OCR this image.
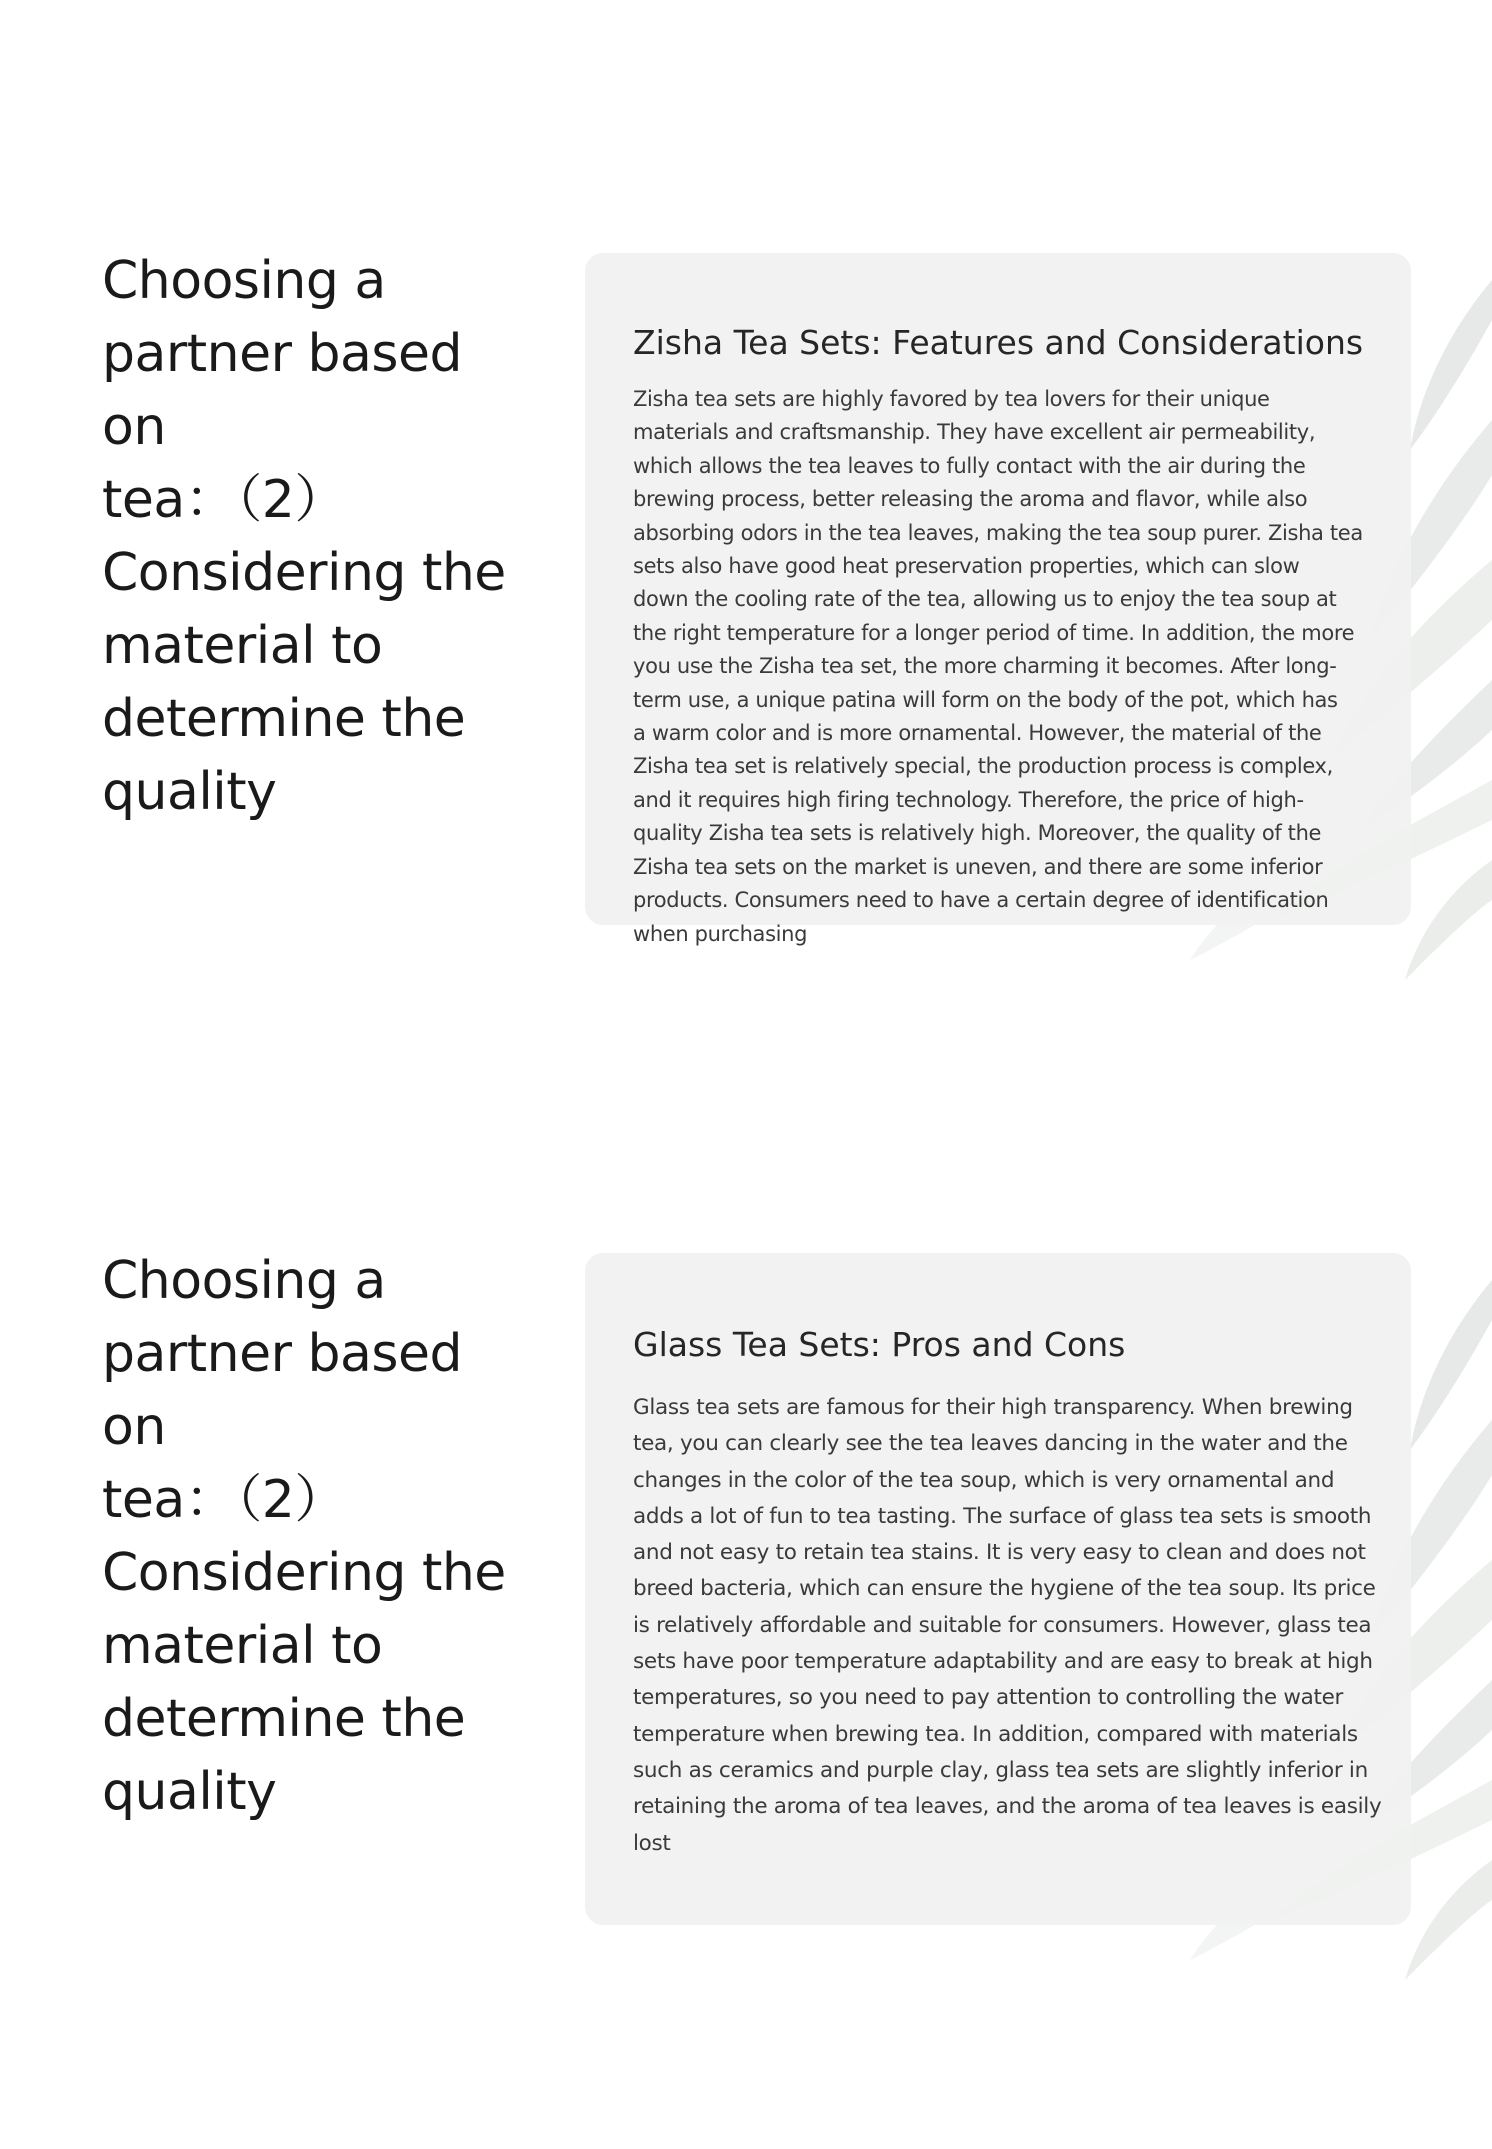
Choosing a
partner based on
tea：（2）
Considering the
material to
determine the
quality
Zisha Tea Sets: Features and Considerations

Zisha tea sets are highly favored by tea lovers for their unique
materials and craftsmanship. They have excellent air permeability,
which allows the tea leaves to fully contact with the air during the
brewing process, better releasing the aroma and flavor, while also
absorbing odors in the tea leaves, making the tea soup purer. Zisha tea
sets also have good heat preservation properties, which can slow
down the cooling rate of the tea, allowing us to enjoy the tea soup at
the right temperature for a longer period of time. In addition, the more
you use the Zisha tea set, the more charming it becomes. After long-
term use, a unique patina will form on the body of the pot, which has
a warm color and is more ornamental. However, the material of the
Zisha tea set is relatively special, the production process is complex,
and it requires high firing technology. Therefore, the price of high-
quality Zisha tea sets is relatively high. Moreover, the quality of the
Zisha tea sets on the market is uneven, and there are some inferior
products. Consumers need to have a certain degree of identification
when purchasing

Choosing a
partner based on
tea：（2）
Considering the
material to
determine the
quality
Glass Tea Sets: Pros and Cons

Glass tea sets are famous for their high transparency. When brewing
tea, you can clearly see the tea leaves dancing in the water and the
changes in the color of the tea soup, which is very ornamental and
adds a lot of fun to tea tasting. The surface of glass tea sets is smooth
and not easy to retain tea stains. It is very easy to clean and does not
breed bacteria, which can ensure the hygiene of the tea soup. Its price
is relatively affordable and suitable for consumers. However, glass tea
sets have poor temperature adaptability and are easy to break at high
temperatures, so you need to pay attention to controlling the water
temperature when brewing tea. In addition, compared with materials
such as ceramics and purple clay, glass tea sets are slightly inferior in
retaining the aroma of tea leaves, and the aroma of tea leaves is easily
lost
